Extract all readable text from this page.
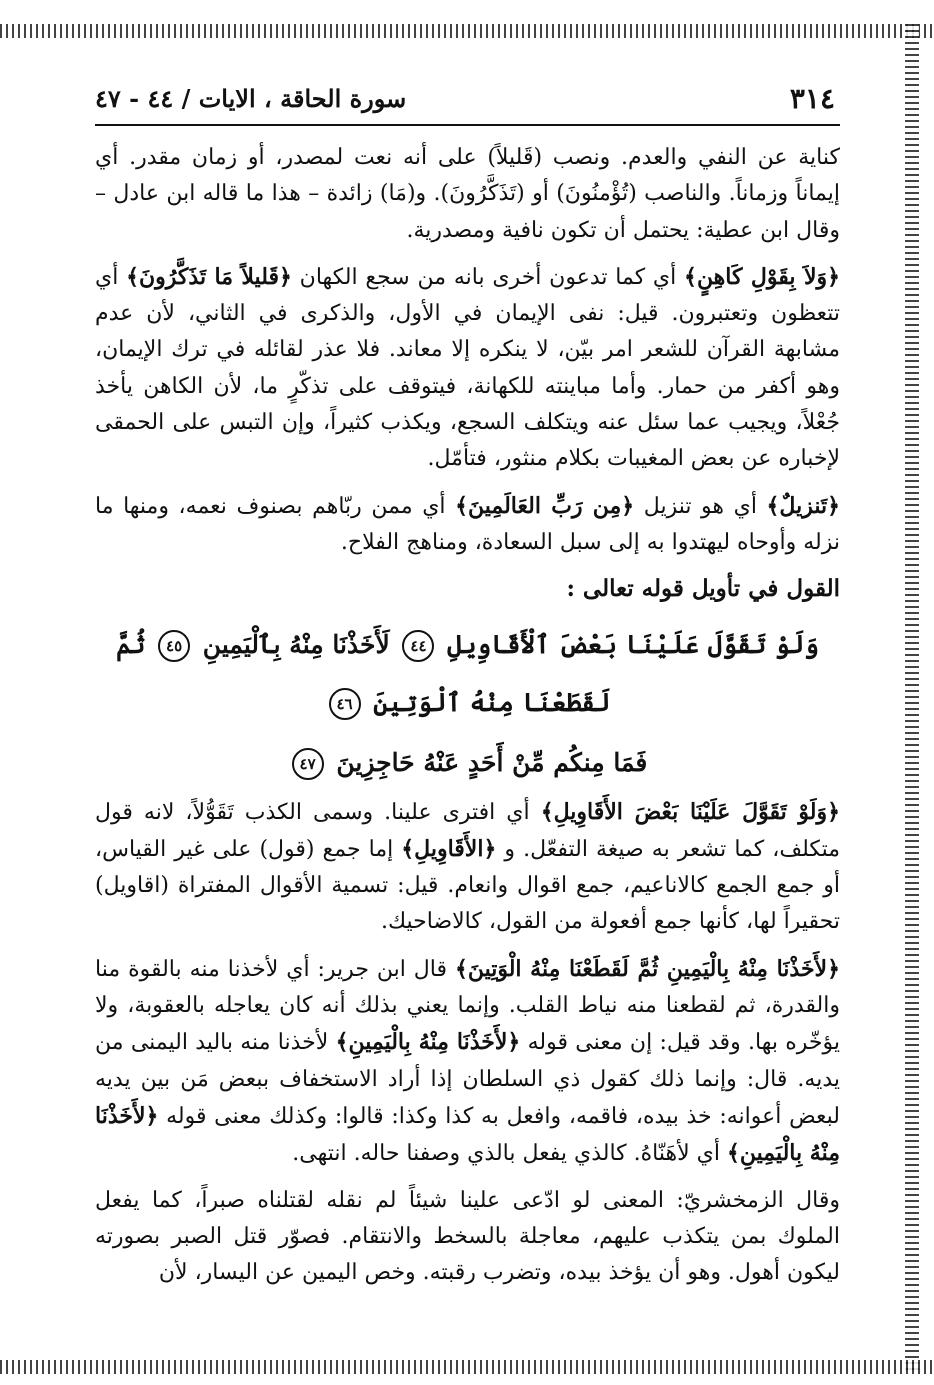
٣١٤
سورة الحاقة ، الايات / ٤٤ - ٤٧

كناية عن النفي والعدم. ونصب (قَليلاً) على أنه نعت لمصدر، أو زمان مقدر. أي إيماناً وزماناً. والناصب (تُؤْمنُونَ) أو (تَذَكَّرُونَ). و(مَا) زائدة – هذا ما قاله ابن عادل – وقال ابن عطية: يحتمل أن تكون نافية ومصدرية.

﴿وَلاَ بِقَوْلِ كَاهِنٍ﴾ أي كما تدعون أخرى بانه من سجع الكهان ﴿قَليلاً مَا تَذَكَّرُونَ﴾ أي تتعظون وتعتبرون. قيل: نفى الإيمان في الأول، والذكرى في الثاني، لأن عدم مشابهة القرآن للشعر امر بيّن، لا ينكره إلا معاند. فلا عذر لقائله في ترك الإيمان، وهو أكفر من حمار. وأما مباينته للكهانة، فيتوقف على تذكّرٍ ما، لأن الكاهن يأخذ جُعْلاً، ويجيب عما سئل عنه ويتكلف السجع، ويكذب كثيراً، وإن التبس على الحمقى لإخباره عن بعض المغيبات بكلام منثور، فتأمّل.

﴿تَنزيلٌ﴾ أي هو تنزيل ﴿مِن رَبِّ العَالَمِينَ﴾ أي ممن ربّاهم بصنوف نعمه، ومنها ما نزله وأوحاه ليهتدوا به إلى سبل السعادة، ومناهج الفلاح.

القول في تأويل قوله تعالى :
وَلَوْ تَقَوَّلَ عَلَيْنَا بَعْضَ ٱلْأَقَاوِيلِ ٤٤ لَأَخَذْنَا مِنْهُ بِٱلْيَمِينِ ٤٥ ثُمَّ لَقَطَعْنَا مِنْهُ ٱلْوَتِينَ ٤٦
فَمَا مِنكُم مِّنْ أَحَدٍ عَنْهُ حَاجِزِينَ ٤٧

﴿وَلَوْ تَقَوَّلَ عَلَيْنَا بَعْضَ الأَقَاوِيلِ﴾ أي افترى علينا. وسمى الكذب تَقَوُّلاً، لانه قول متكلف، كما تشعر به صيغة التفعّل. و ﴿الأَقَاوِيلِ﴾ إما جمع (قول) على غير القياس، أو جمع الجمع كالاناعيم، جمع اقوال وانعام. قيل: تسمية الأقوال المفتراة (اقاويل) تحقيراً لها، كأنها جمع أفعولة من القول، كالاضاحيك.

﴿لأَخَذْنَا مِنْهُ بِالْيَمِينِ ثُمَّ لَقَطَعْنَا مِنْهُ الْوَتِينَ﴾ قال ابن جرير: أي لأخذنا منه بالقوة منا والقدرة، ثم لقطعنا منه نياط القلب. وإنما يعني بذلك أنه كان يعاجله بالعقوبة، ولا يؤخّره بها. وقد قيل: إن معنى قوله ﴿لأَخَذْنَا مِنْهُ بِالْيَمِينِ﴾ لأخذنا منه باليد اليمنى من يديه. قال: وإنما ذلك كقول ذي السلطان إذا أراد الاستخفاف ببعض مَن بين يديه لبعض أعوانه: خذ بيده، فاقمه، وافعل به كذا وكذا: قالوا: وكذلك معنى قوله ﴿لأَخَذْنَا مِنْهُ بِالْيَمِينِ﴾ أي لأهَنّاهُ. كالذي يفعل بالذي وصفنا حاله. انتهى.

وقال الزمخشريّ: المعنى لو ادّعى علينا شيئاً لم نقله لقتلناه صبراً، كما يفعل الملوك بمن يتكذب عليهم، معاجلة بالسخط والانتقام. فصوّر قتل الصبر بصورته ليكون أهول. وهو أن يؤخذ بيده، وتضرب رقبته. وخص اليمين عن اليسار، لأن
